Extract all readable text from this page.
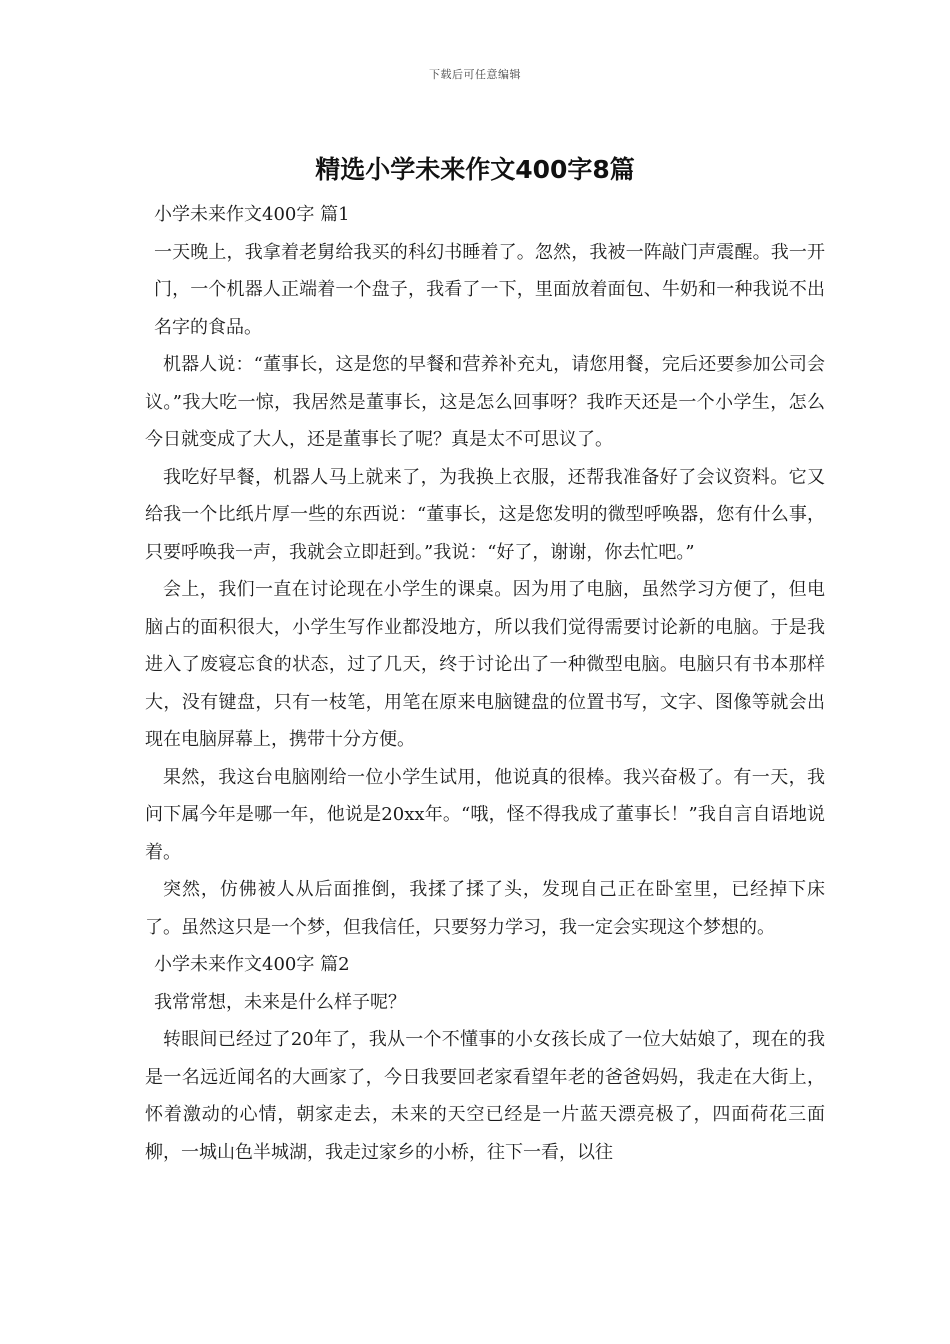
下载后可任意编辑
精选小学未来作文400字8篇

小学未来作文400字 篇1

一天晚上，我拿着老舅给我买的科幻书睡着了。忽然，我被一阵敲门声震醒。我一开门，一个机器人正端着一个盘子，我看了一下，里面放着面包、牛奶和一种我说不出名字的食品。

机器人说：“董事长，这是您的早餐和营养补充丸，请您用餐，完后还要参加公司会议。”我大吃一惊，我居然是董事长，这是怎么回事呀？我昨天还是一个小学生，怎么今日就变成了大人，还是董事长了呢？真是太不可思议了。

我吃好早餐，机器人马上就来了，为我换上衣服，还帮我准备好了会议资料。它又给我一个比纸片厚一些的东西说：“董事长，这是您发明的微型呼唤器，您有什么事，只要呼唤我一声，我就会立即赶到。”我说：“好了，谢谢，你去忙吧。”

会上，我们一直在讨论现在小学生的课桌。因为用了电脑，虽然学习方便了，但电脑占的面积很大，小学生写作业都没地方，所以我们觉得需要讨论新的电脑。于是我进入了废寝忘食的状态，过了几天，终于讨论出了一种微型电脑。电脑只有书本那样大，没有键盘，只有一枝笔，用笔在原来电脑键盘的位置书写，文字、图像等就会出现在电脑屏幕上，携带十分方便。

果然，我这台电脑刚给一位小学生试用，他说真的很棒。我兴奋极了。有一天，我问下属今年是哪一年，他说是20xx年。“哦，怪不得我成了董事长！”我自言自语地说着。

突然，仿佛被人从后面推倒，我揉了揉了头，发现自己正在卧室里，已经掉下床了。虽然这只是一个梦，但我信任，只要努力学习，我一定会实现这个梦想的。

小学未来作文400字 篇2

我常常想，未来是什么样子呢？

转眼间已经过了20年了，我从一个不懂事的小女孩长成了一位大姑娘了，现在的我是一名远近闻名的大画家了，今日我要回老家看望年老的爸爸妈妈，我走在大街上，怀着激动的心情，朝家走去，未来的天空已经是一片蓝天漂亮极了，四面荷花三面柳，一城山色半城湖，我走过家乡的小桥，往下一看，以往
